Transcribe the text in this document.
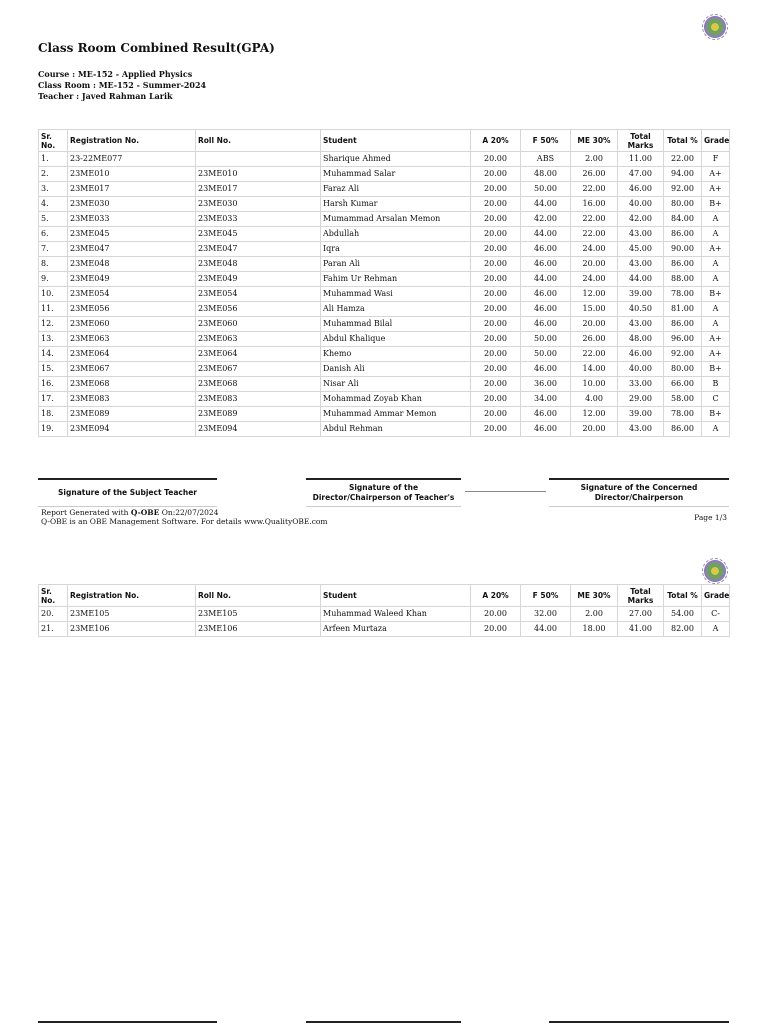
Class Room Combined Result(GPA)
Course : ME-152 - Applied Physics
Class Room : ME-152 - Summer-2024
Teacher : Javed Rahman Larik
Sr. No.	Registration No.	Roll No.	Student	A 20%	F 50%	ME 30%	Total Marks	Total %	Grade
1.	23-22ME077		Sharique Ahmed	20.00	ABS	2.00	11.00	22.00	F
2.	23ME010	23ME010	Muhammad Salar	20.00	48.00	26.00	47.00	94.00	A+
3.	23ME017	23ME017	Faraz Ali	20.00	50.00	22.00	46.00	92.00	A+
4.	23ME030	23ME030	Harsh Kumar	20.00	44.00	16.00	40.00	80.00	B+
5.	23ME033	23ME033	Mumammad Arsalan Memon	20.00	42.00	22.00	42.00	84.00	A
6.	23ME045	23ME045	Abdullah	20.00	44.00	22.00	43.00	86.00	A
7.	23ME047	23ME047	Iqra	20.00	46.00	24.00	45.00	90.00	A+
8.	23ME048	23ME048	Paran Ali	20.00	46.00	20.00	43.00	86.00	A
9.	23ME049	23ME049	Fahim Ur Rehman	20.00	44.00	24.00	44.00	88.00	A
10.	23ME054	23ME054	Muhammad Wasi	20.00	46.00	12.00	39.00	78.00	B+
11.	23ME056	23ME056	Ali Hamza	20.00	46.00	15.00	40.50	81.00	A
12.	23ME060	23ME060	Muhammad Bilal	20.00	46.00	20.00	43.00	86.00	A
13.	23ME063	23ME063	Abdul Khalique	20.00	50.00	26.00	48.00	96.00	A+
14.	23ME064	23ME064	Khemo	20.00	50.00	22.00	46.00	92.00	A+
15.	23ME067	23ME067	Danish Ali	20.00	46.00	14.00	40.00	80.00	B+
16.	23ME068	23ME068	Nisar Ali	20.00	36.00	10.00	33.00	66.00	B
17.	23ME083	23ME083	Mohammad Zoyab Khan	20.00	34.00	4.00	29.00	58.00	C
18.	23ME089	23ME089	Muhammad Ammar Memon	20.00	46.00	12.00	39.00	78.00	B+
19.	23ME094	23ME094	Abdul Rehman	20.00	46.00	20.00	43.00	86.00	A
Signature of the Subject Teacher
Signature of the Director/Chairperson of Teacher's
Signature of the Concerned Director/Chairperson
Report Generated with Q-OBE On:22/07/2024
Q-OBE is an OBE Management Software. For details www.QualityOBE.com	Page 1/3
Sr. No.	Registration No.	Roll No.	Student	A 20%	F 50%	ME 30%	Total Marks	Total %	Grade
20.	23ME105	23ME105	Muhammad Waleed Khan	20.00	32.00	2.00	27.00	54.00	C-
21.	23ME106	23ME106	Arfeen Murtaza	20.00	44.00	18.00	41.00	82.00	A
